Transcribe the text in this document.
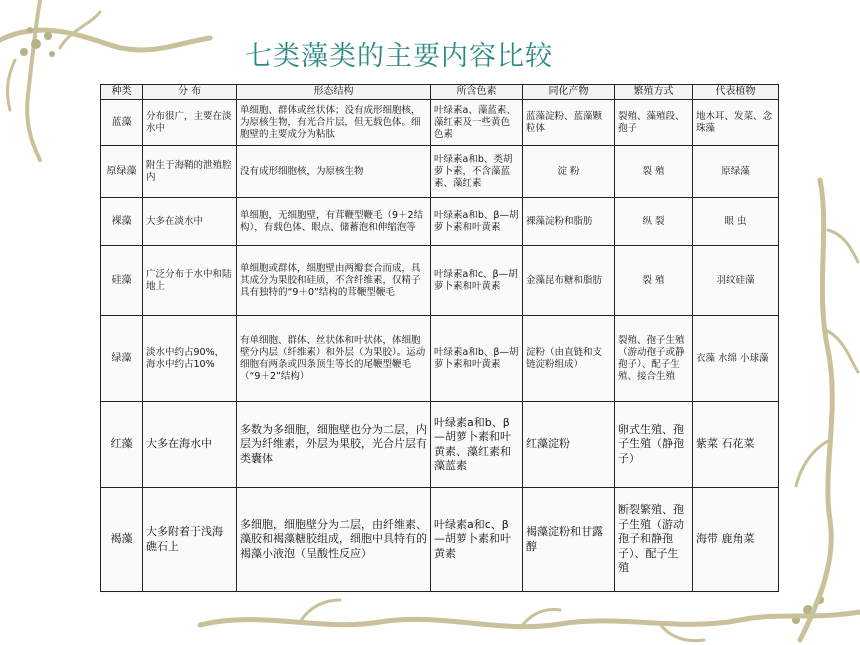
七类藻类的主要内容比较
种类	分 布	形态结构	所含色素	同化产物	繁殖方式	代表植物
蓝藻	分布很广，主要在淡水中	单细胞、群体或丝状体；没有成形细胞核，为原核生物，有光合片层，但无载色体。细胞壁的主要成分为粘肽	叶绿素a、藻蓝素、藻红素及一些黄色色素	蓝藻淀粉、蓝藻颗粒体	裂殖、藻殖段、孢子	地木耳、发菜、念珠藻
原绿藻	附生于海鞘的泄殖腔内	没有成形细胞核，为原核生物	叶绿素a和b、类胡萝卜素，不含藻蓝素、藻红素	淀 粉	裂 殖	原绿藻
裸藻	大多在淡水中	单细胞，无细胞壁，有茸鞭型鞭毛（9＋2结构），有载色体、眼点、储蓄泡和伸缩泡等	叶绿素a和b、β—胡萝卜素和叶黄素	裸藻淀粉和脂肪	纵 裂	眼 虫
硅藻	广泛分布于水中和陆地上	单细胞或群体，细胞壁由两瓣套合而成，具其成分为果胶和硅质，不含纤维素，仅精子具有独特的“9＋0”结构的茸鞭型鞭毛	叶绿素a和c、β—胡萝卜素和叶黄素	金藻昆布糖和脂肪	裂 殖	羽纹硅藻
绿藻	淡水中约占90%，海水中约占10%	有单细胞、群体、丝状体和叶状体，体细胞壁分内层（纤维素）和外层（为果胶）。运动细胞有两条或四条顶生等长的尾鞭型鞭毛（“9＋2”结构）	叶绿素a和b、β—胡萝卜素和叶黄素	淀粉（由直链和支链淀粉组成）	裂殖、孢子生殖（游动孢子或静孢子）、配子生殖、接合生殖	衣藻 水绵 小球藻
红藻	大多在海水中	多数为多细胞，细胞壁也分为二层，内层为纤维素，外层为果胶，光合片层有类囊体	叶绿素a和b、β—胡萝卜素和叶黄素、藻红素和藻蓝素	红藻淀粉	卵式生殖、孢子生殖（静孢子）	紫菜 石花菜
褐藻	大多附着于浅海礁石上	多细胞，细胞壁分为二层，由纤维素、藻胶和褐藻糖胶组成，细胞中具特有的褐藻小液泡（呈酸性反应）	叶绿素a和c、β—胡萝卜素和叶黄素	褐藻淀粉和甘露醇	断裂繁殖、孢子生殖（游动孢子和静孢子）、配子生殖	海带 鹿角菜
